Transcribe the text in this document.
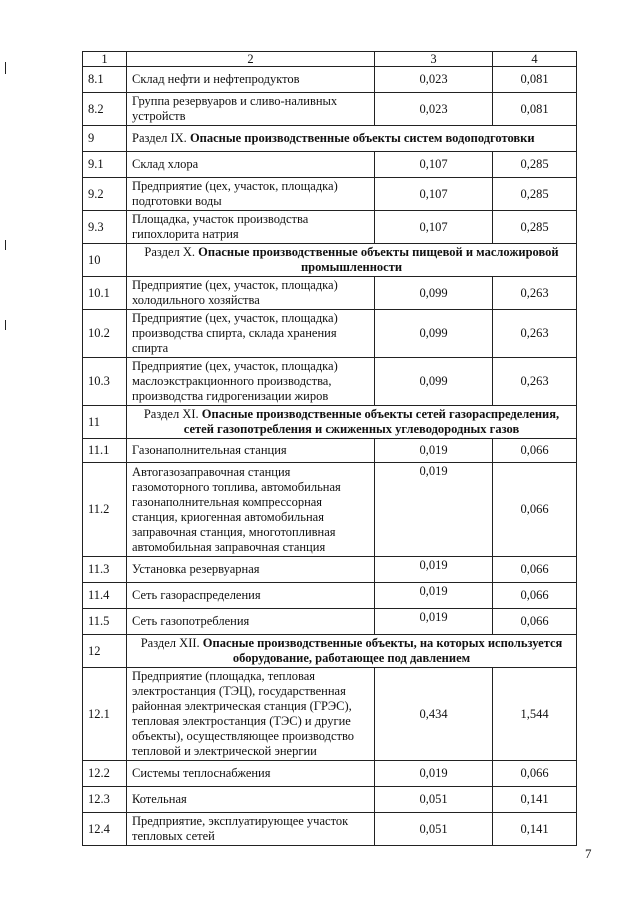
1	2	3	4
8.1	Склад нефти и нефтепродуктов	0,023	0,081
8.2	Группа резервуаров и сливо-наливных устройств	0,023	0,081
9	Раздел IX. Опасные производственные объекты систем водоподготовки		
9.1	Склад хлора	0,107	0,285
9.2	Предприятие (цех, участок, площадка) подготовки воды	0,107	0,285
9.3	Площадка, участок производства гипохлорита натрия	0,107	0,285
10	Раздел X. Опасные производственные объекты пищевой и масложировой промышленности		
10.1	Предприятие (цех, участок, площадка) холодильного хозяйства	0,099	0,263
10.2	Предприятие (цех, участок, площадка) производства спирта, склада хранения спирта	0,099	0,263
10.3	Предприятие (цех, участок, площадка) маслоэкстракционного производства, производства гидрогенизации жиров	0,099	0,263
11	Раздел XI. Опасные производственные объекты сетей газораспределения, сетей газопотребления и сжиженных углеводородных газов		
11.1	Газонаполнительная станция	0,019	0,066
11.2	Автогазозаправочная станция газомоторного топлива, автомобильная газонаполнительная компрессорная станция, криогенная автомобильная заправочная станция, многотопливная автомобильная заправочная станция	0,019	0,066
11.3	Установка резервуарная	0,019	0,066
11.4	Сеть газораспределения	0,019	0,066
11.5	Сеть газопотребления	0,019	0,066
12	Раздел XII. Опасные производственные объекты, на которых используется оборудование, работающее под давлением		
12.1	Предприятие (площадка, тепловая электростанция (ТЭЦ), государственная районная электрическая станция (ГРЭС), тепловая электростанция (ТЭС) и другие объекты), осуществляющее производство тепловой и электрической энергии	0,434	1,544
12.2	Системы теплоснабжения	0,019	0,066
12.3	Котельная	0,051	0,141
12.4	Предприятие, эксплуатирующее участок тепловых сетей	0,051	0,141
7
